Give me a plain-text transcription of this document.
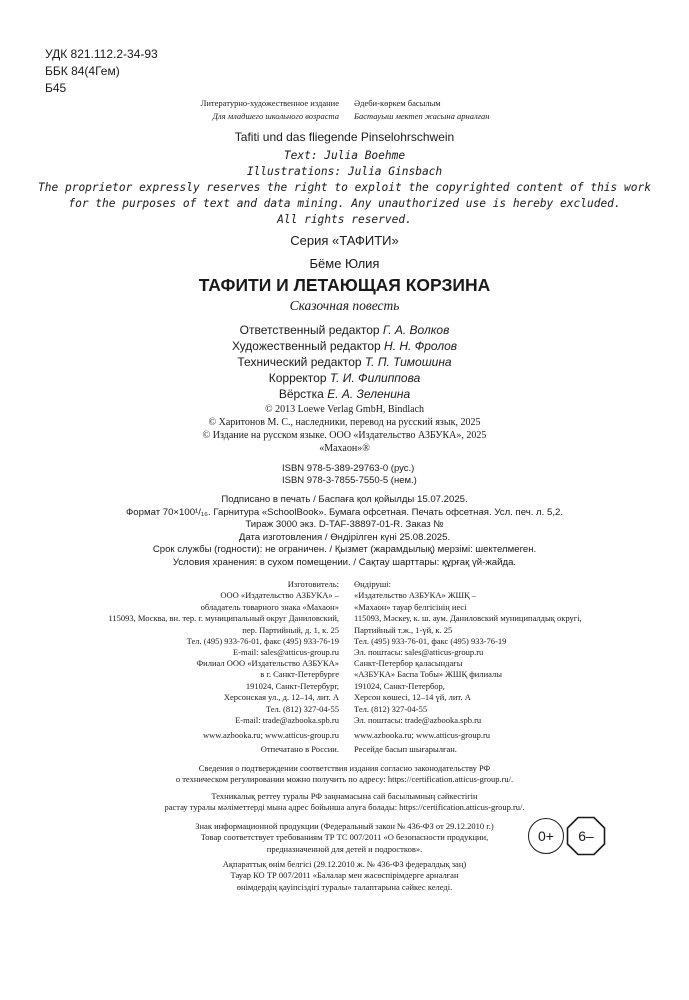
УДК 821.112.2-34-93
ББК 84(4Гем)
Б45
Литературно-художественное издание
Для младшего школьного возраста
Әдеби-көркем басылым
Бастауыш мектеп жасына арналған
Tafiti und das fliegende Pinselohrschwein
Text: Julia Boehme
Illustrations: Julia Ginsbach
The proprietor expressly reserves the right to exploit the copyrighted content of this work
for the purposes of text and data mining. Any unauthorized use is hereby excluded.
All rights reserved.
Серия «ТАФИТИ»
Бёме Юлия
ТАФИТИ И ЛЕТАЮЩАЯ КОРЗИНА
Сказочная повесть
Ответственный редактор Г. А. Волков
Художественный редактор Н. Н. Фролов
Технический редактор Т. П. Тимошина
Корректор Т. И. Филиппова
Вёрстка Е. А. Зеленина
© 2013 Loewe Verlag GmbH, Bindlach
© Харитонов М. С., наследники, перевод на русский язык, 2025
© Издание на русском языке. ООО «Издательство АЗБУКА», 2025
«Махаон»®
ISBN 978-5-389-29763-0 (рус.)
ISBN 978-3-7855-7550-5 (нем.)
Подписано в печать / Баспаға қол қойылды 15.07.2025.
Формат 70×100¹/₁₆. Гарнитура «SchoolBook». Бумага офсетная. Печать офсетная. Усл. печ. л. 5,2.
Тираж 3000 экз. D-TAF-38897-01-R. Заказ №
Дата изготовления / Өндірілген күні 25.08.2025.
Срок службы (годности): не ограничен. / Қызмет (жарамдылық) мерзімі: шектелмеген.
Условия хранения: в сухом помещении. / Сақтау шарттары: құрғақ үй-жайда.
Изготовитель:
ООО «Издательство АЗБУКА» –
обладатель товарного знака «Махаон»
115093, Москва, вн. тер. г. муниципальный округ Даниловский,
пер. Партийный, д. 1, к. 25
Тел. (495) 933-76-01, факс (495) 933-76-19
E-mail: sales@atticus-group.ru
Өндіруші:
«Издательство АЗБУКА» ЖШҚ –
«Махаон» тауар белгісінің иесі
115093, Мәскеу, к. ш. аум. Даниловский муниципалдық округі,
Партийный т.ж., 1-үй, к. 25
Тел. (495) 933-76-01, факс (495) 933-76-19
Эл. поштасы: sales@atticus-group.ru
Филиал ООО «Издательство АЗБУКА»
в г. Санкт-Петербурге
191024, Санкт-Петербург,
Херсонская ул., д. 12–14, лит. А
Тел. (812) 327-04-55
E-mail: trade@azbooka.spb.ru
Санкт-Петербор қаласындағы
«АЗБУКА» Баспа Тобы» ЖШҚ филиалы
191024, Санкт-Петербор,
Херсон көшесі, 12–14 үй, лит. А
Тел. (812) 327-04-55
Эл. поштасы: trade@azbooka.spb.ru
www.azbooka.ru; www.atticus-group.ru www.azbooka.ru; www.atticus-group.ru
Отпечатано в России. Ресейде басып шығарылған.
Сведения о подтверждении соответствия издания согласно законодательству РФ
о техническом регулировании можно получить по адресу: https://certification.atticus-group.ru/.
Техникалық реттеу туралы РФ заңнамасына сай басылымның сәйкестігін
растау туралы мәліметтерді мына адрес бойынша алуға болады: https://certification.atticus-group.ru/.
Знак информационной продукции (Федеральный закон № 436-ФЗ от 29.12.2010 г.)
Товар соответствует требованиям ТР ТС 007/2011 «О безопасности продукции,
предназначенной для детей и подростков».
Ақпараттық өнім белгісі (29.12.2010 ж. № 436-ФЗ федералдық заң)
Тауар КО ТР 007/2011 «Балалар мен жасөспірімдерге арналған
өнімдердің қауіпсіздігі туралы» талаптарына сәйкес келеді.
0+	6–
